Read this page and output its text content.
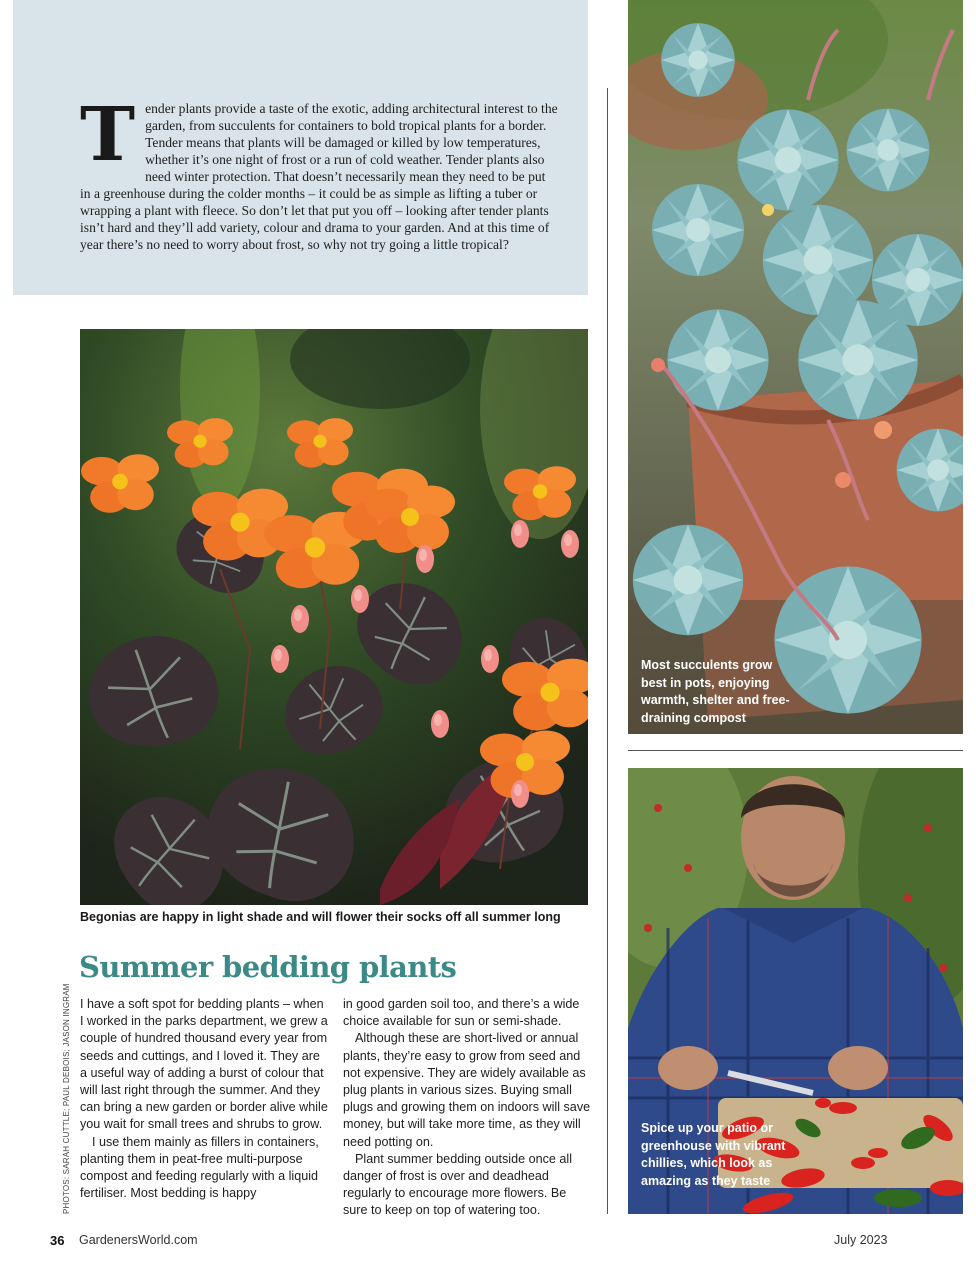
Tender plants provide a taste of the exotic, adding architectural interest to the garden, from succulents for containers to bold tropical plants for a border. Tender means that plants will be damaged or killed by low temperatures, whether it’s one night of frost or a run of cold weather. Tender plants also need winter protection. That doesn’t necessarily mean they need to be put in a greenhouse during the colder months – it could be as simple as lifting a tuber or wrapping a plant with fleece. So don’t let that put you off – looking after tender plants isn’t hard and they’ll add variety, colour and drama to your garden. And at this time of year there’s no need to worry about frost, so why not try going a little tropical?

Begonias are happy in light shade and will flower their socks off all summer long
Most succulents grow best in pots, enjoying warmth, shelter and free-draining compost
Spice up your patio or greenhouse with vibrant chillies, which look as amazing as they taste
Summer bedding plants

I have a soft spot for bedding plants – when I worked in the parks department, we grew a couple of hundred thousand every year from seeds and cuttings, and I loved it. They are a useful way of adding a burst of colour that will last right through the summer. And they can bring a new garden or border alive while you wait for small trees and shrubs to grow.

I use them mainly as fillers in containers, planting them in peat-free multi-purpose compost and feeding regularly with a liquid fertiliser. Most bedding is happy

in good garden soil too, and there’s a wide choice available for sun or semi-shade.

Although these are short-lived or annual plants, they’re easy to grow from seed and not expensive. They are widely available as plug plants in various sizes. Buying small plugs and growing them on indoors will save money, but will take more time, as they will need potting on.

Plant summer bedding outside once all danger of frost is over and deadhead regularly to encourage more flowers. Be sure to keep on top of watering too.

PHOTOS: SARAH CUTTLE; PAUL DEBOIS; JASON INGRAM
36 GardenersWorld.com	July 2023
